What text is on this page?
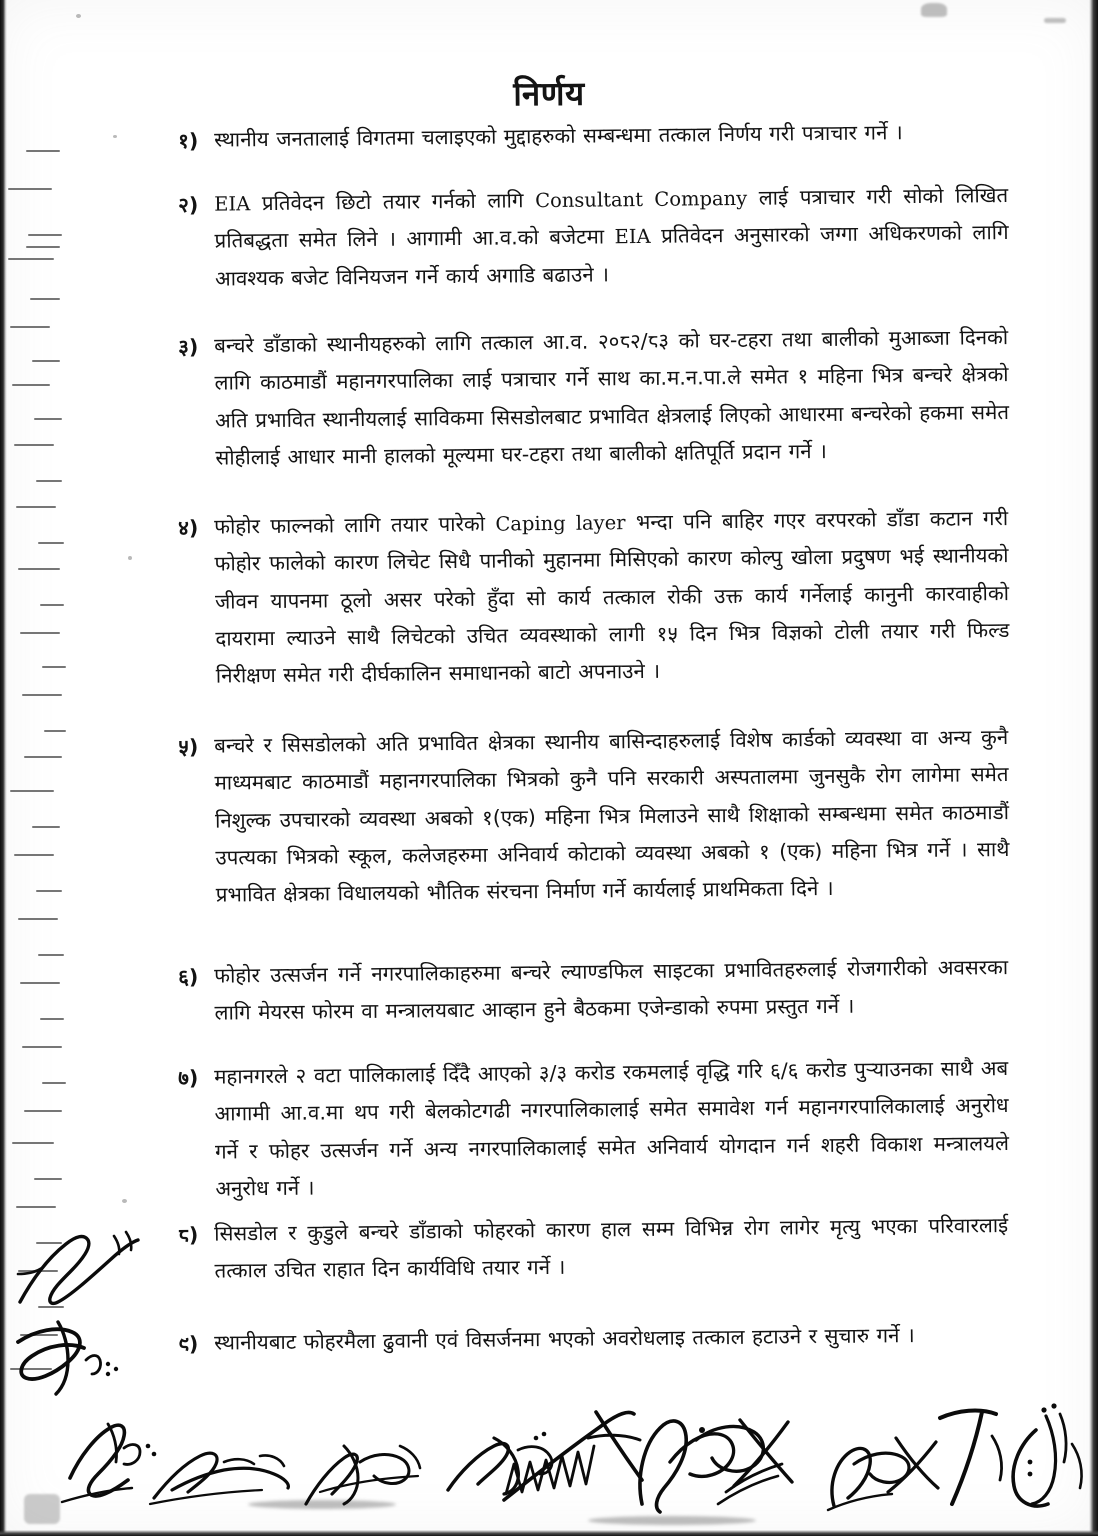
निर्णय
१) स्थानीय जनतालाई विगतमा चलाइएको मुद्दाहरुको सम्बन्धमा तत्काल निर्णय गरी पत्राचार गर्ने ।
२) EIA प्रतिवेदन छिटो तयार गर्नको लागि Consultant Company लाई पत्राचार गरी सोको लिखित प्रतिबद्धता समेत लिने । आगामी आ.व.को बजेटमा EIA प्रतिवेदन अनुसारको जग्गा अधिकरणको लागि आवश्यक बजेट विनियजन गर्ने कार्य अगाडि बढाउने ।
३) बन्चरे डाँडाको स्थानीयहरुको लागि तत्काल आ.व. २०८२/८३ को घर-टहरा तथा बालीको मुआब्जा दिनको लागि काठमाडौं महानगरपालिका लाई पत्राचार गर्ने साथ का.म.न.पा.ले समेत १ महिना भित्र बन्चरे क्षेत्रको अति प्रभावित स्थानीयलाई साविकमा सिसडोलबाट प्रभावित क्षेत्रलाई लिएको आधारमा बन्चरेको हकमा समेत सोहीलाई आधार मानी हालको मूल्यमा घर-टहरा तथा बालीको क्षतिपूर्ति प्रदान गर्ने ।
४) फोहोर फाल्नको लागि तयार पारेको Caping layer भन्दा पनि बाहिर गएर वरपरको डाँडा कटान गरी फोहोर फालेको कारण लिचेट सिधै पानीको मुहानमा मिसिएको कारण कोल्पु खोला प्रदुषण भई स्थानीयको जीवन यापनमा ठूलो असर परेको हुँदा सो कार्य तत्काल रोकी उक्त कार्य गर्नेलाई कानुनी कारवाहीको दायरामा ल्याउने साथै लिचेटको उचित व्यवस्थाको लागी १५ दिन भित्र विज्ञको टोली तयार गरी फिल्ड निरीक्षण समेत गरी दीर्घकालिन समाधानको बाटो अपनाउने ।
५) बन्चरे र सिसडोलको अति प्रभावित क्षेत्रका स्थानीय बासिन्दाहरुलाई विशेष कार्डको व्यवस्था वा अन्य कुनै माध्यमबाट काठमाडौं महानगरपालिका भित्रको कुनै पनि सरकारी अस्पतालमा जुनसुकै रोग लागेमा समेत निशुल्क उपचारको व्यवस्था अबको १(एक) महिना भित्र मिलाउने साथै शिक्षाको सम्बन्धमा समेत काठमाडौं उपत्यका भित्रको स्कूल, कलेजहरुमा अनिवार्य कोटाको व्यवस्था अबको १ (एक) महिना भित्र गर्ने । साथै प्रभावित क्षेत्रका विधालयको भौतिक संरचना निर्माण गर्ने कार्यलाई प्राथमिकता दिने ।
६) फोहोर उत्सर्जन गर्ने नगरपालिकाहरुमा बन्चरे ल्याण्डफिल साइटका प्रभावितहरुलाई रोजगारीको अवसरका लागि मेयरस फोरम वा मन्त्रालयबाट आव्हान हुने बैठकमा एजेन्डाको रुपमा प्रस्तुत गर्ने ।
७) महानगरले २ वटा पालिकालाई दिँदै आएको ३/३ करोड रकमलाई वृद्धि गरि ६/६ करोड पुर्‍याउनका साथै अब आगामी आ.व.मा थप गरी बेलकोटगढी नगरपालिकालाई समेत समावेश गर्न महानगरपालिकालाई अनुरोध गर्ने र फोहर उत्सर्जन गर्ने अन्य नगरपालिकालाई समेत अनिवार्य योगदान गर्न शहरी विकाश मन्त्रालयले अनुरोध गर्ने ।
८) सिसडोल र कुडुले बन्चरे डाँडाको फोहरको कारण हाल सम्म विभिन्न रोग लागेर मृत्यु भएका परिवारलाई तत्काल उचित राहात दिन कार्यविधि तयार गर्ने ।
९) स्थानीयबाट फोहरमैला ढुवानी एवं विसर्जनमा भएको अवरोधलाइ तत्काल हटाउने र सुचारु गर्ने ।
